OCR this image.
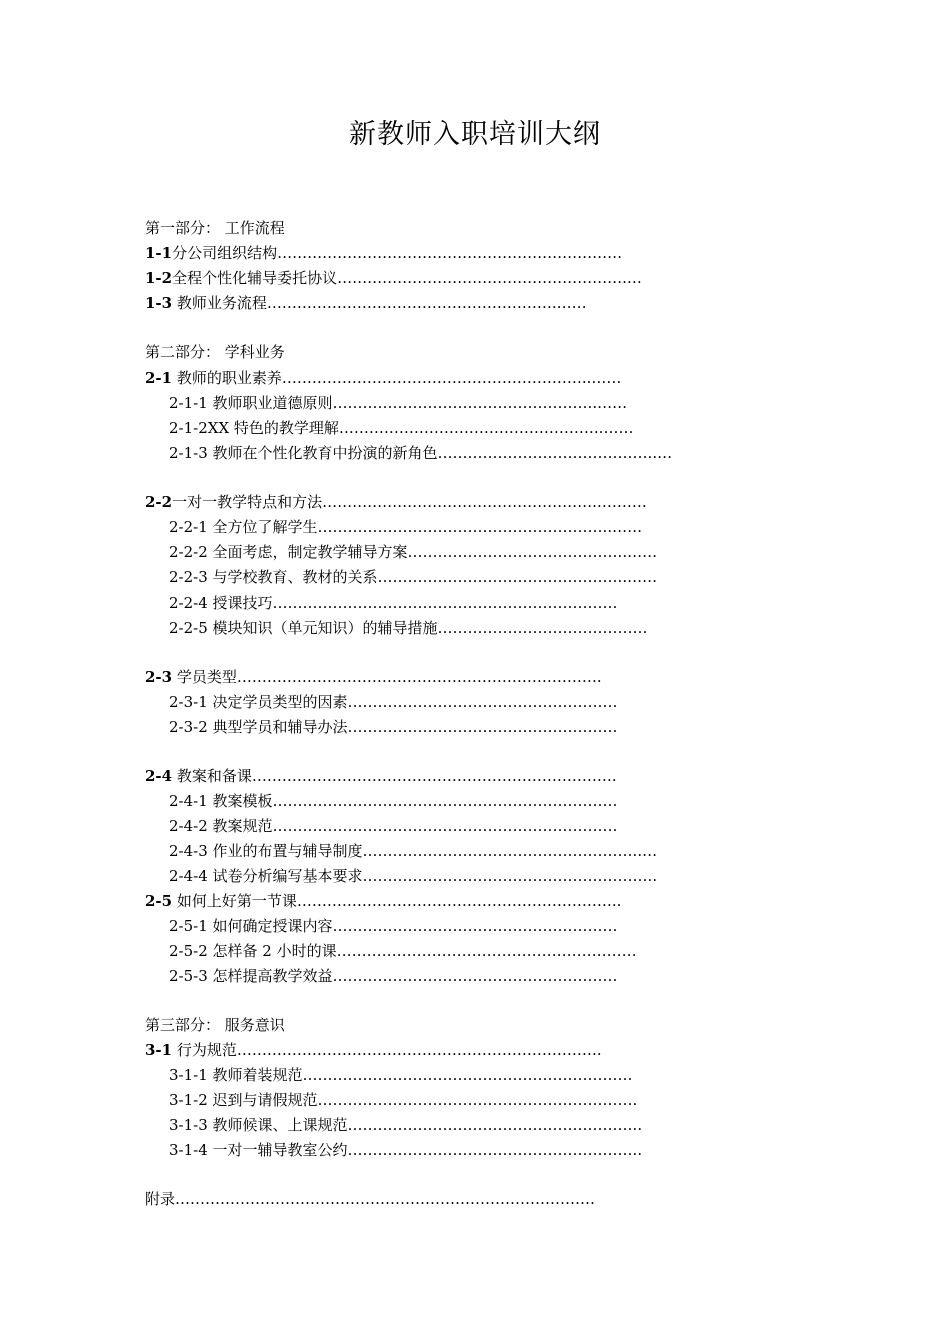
新教师入职培训大纲
第一部分： 工作流程
1-1分公司组织结构……………………………………………………………
1-2全程个性化辅导委托协议………………………………………………….…
1-3 教师业务流程………………………………………………….……
第二部分： 学科业务
2-1 教师的职业素养……………………………………………………..……
2-1-1 教师职业道德原则……………………………………………..……
2-1-2XX 特色的教学理解……………………………………………..……
2-1-3 教师在个性化教育中扮演的新角色……………………………………..…
2-2一对一教学特点和方法……………………………………………….……….
2-2-1 全方位了解学生…………………………………………………..……
2-2-2 全面考虑，制定教学辅导方案……………………………………..……
2-2-3 与学校教育、教材的关系…………………………………………..……
2-2-4 授课技巧……………………………………………………………
2-2-5 模块知识（单元知识）的辅导措施……………………………………
2-3 学员类型……………………………………………………………….
2-3-1 决定学员类型的因素………………………………………………
2-3-2 典型学员和辅导办法………………………………………………
2-4 教案和备课……………………………………………………………….
2-4-1 教案模板……………………………………………………………
2-4-2 教案规范……………………………………………………………
2-4-3 作业的布置与辅导制度………………………………………………..…
2-4-4 试卷分析编写基本要求…………………………………………………..
2-5 如何上好第一节课………………………………………………………..
2-5-1 如何确定授课内容…………………………………………………
2-5-2 怎样备 2 小时的课……………………………………………………
2-5-3 怎样提高教学效益…………………………………………………
第三部分： 服务意识
3-1 行为规范……………………………………………………………….
3-1-1 教师着装规范…………………………………………………………
3-1-2 迟到与请假规范……………………………………………………….
3-1-3 教师候课、上课规范…………………………………………………..
3-1-4 一对一辅导教室公约…………………………………………………..
附录…………………………………………………………………………
